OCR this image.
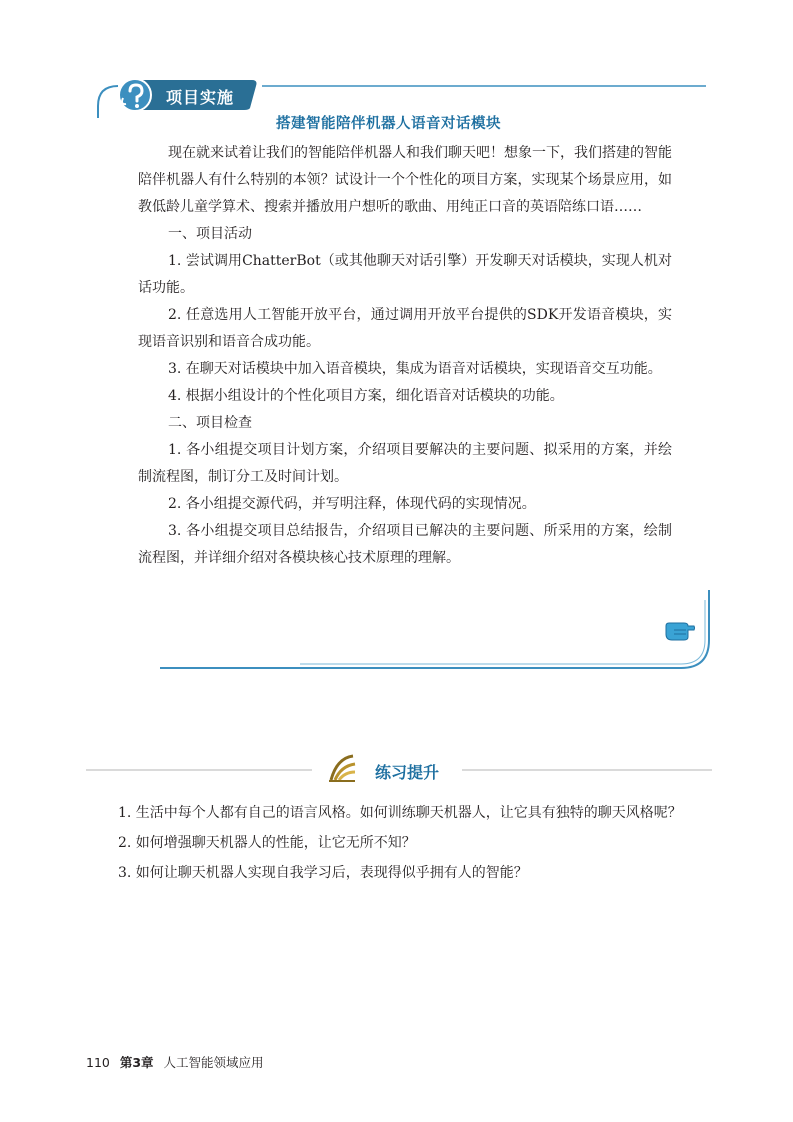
项目实施
搭建智能陪伴机器人语音对话模块

现在就来试着让我们的智能陪伴机器人和我们聊天吧！想象一下，我们搭建的智能陪伴机器人有什么特别的本领？试设计一个个性化的项目方案，实现某个场景应用，如教低龄儿童学算术、搜索并播放用户想听的歌曲、用纯正口音的英语陪练口语……

一、项目活动

1. 尝试调用ChatterBot（或其他聊天对话引擎）开发聊天对话模块，实现人机对话功能。

2. 任意选用人工智能开放平台，通过调用开放平台提供的SDK开发语音模块，实现语音识别和语音合成功能。

3. 在聊天对话模块中加入语音模块，集成为语音对话模块，实现语音交互功能。

4. 根据小组设计的个性化项目方案，细化语音对话模块的功能。

二、项目检查

1. 各小组提交项目计划方案，介绍项目要解决的主要问题、拟采用的方案，并绘制流程图，制订分工及时间计划。

2. 各小组提交源代码，并写明注释，体现代码的实现情况。

3. 各小组提交项目总结报告，介绍项目已解决的主要问题、所采用的方案，绘制流程图，并详细介绍对各模块核心技术原理的理解。

练习提升

1. 生活中每个人都有自己的语言风格。如何训练聊天机器人，让它具有独特的聊天风格呢？

2. 如何增强聊天机器人的性能，让它无所不知？

3. 如何让聊天机器人实现自我学习后，表现得似乎拥有人的智能？

110 第3章 人工智能领域应用
